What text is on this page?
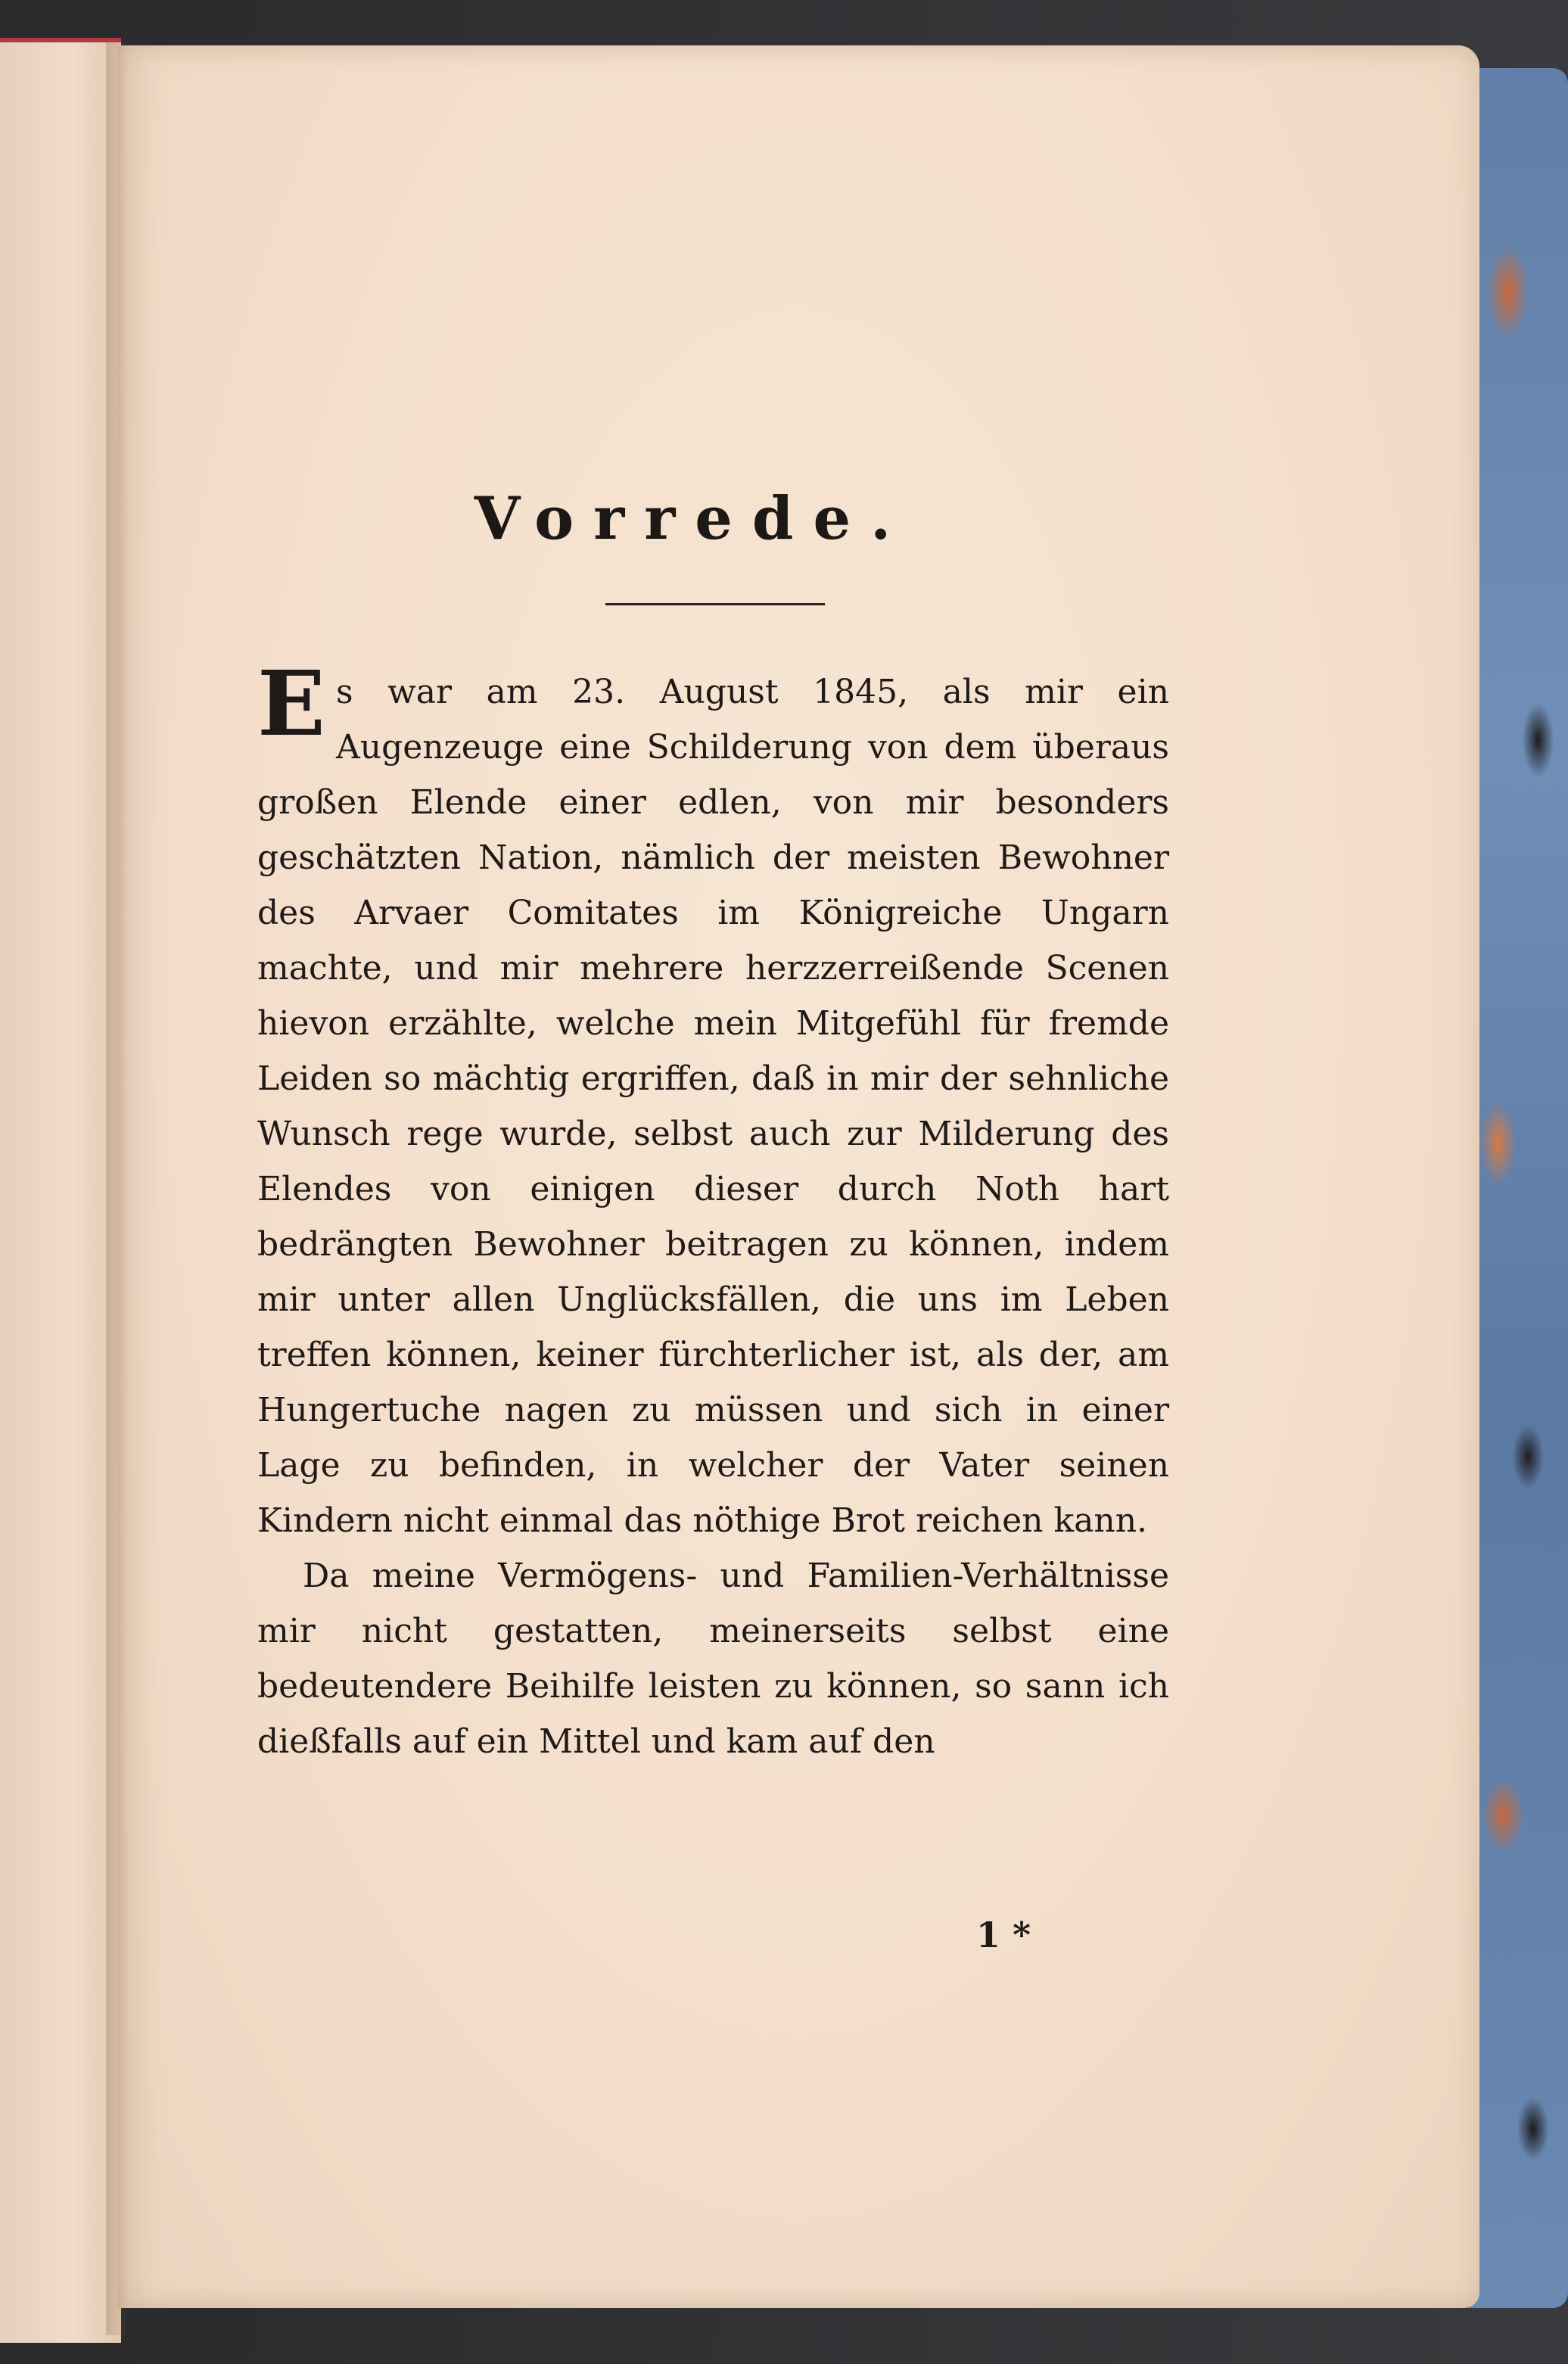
Vorrede.

Es war am 23. August 1845, als mir ein Augenzeuge eine Schilderung von dem überaus großen Elende einer edlen, von mir besonders geschätzten Nation, nämlich der meisten Bewohner des Arvaer Comitates im Königreiche Ungarn machte, und mir mehrere herzzerreißende Scenen hievon erzählte, welche mein Mitgefühl für fremde Leiden so mächtig ergriffen, daß in mir der sehnliche Wunsch rege wurde, selbst auch zur Milderung des Elendes von einigen dieser durch Noth hart bedrängten Bewohner beitragen zu können, indem mir unter allen Unglücksfällen, die uns im Leben treffen können, keiner fürchterlicher ist, als der, am Hungertuche nagen zu müssen und sich in einer Lage zu befinden, in welcher der Vater seinen Kindern nicht einmal das nöthige Brot reichen kann.

Da meine Vermögens- und Familien-Verhältnisse mir nicht gestatten, meinerseits selbst eine bedeutendere Beihilfe leisten zu können, so sann ich dießfalls auf ein Mittel und kam auf den

1 *
